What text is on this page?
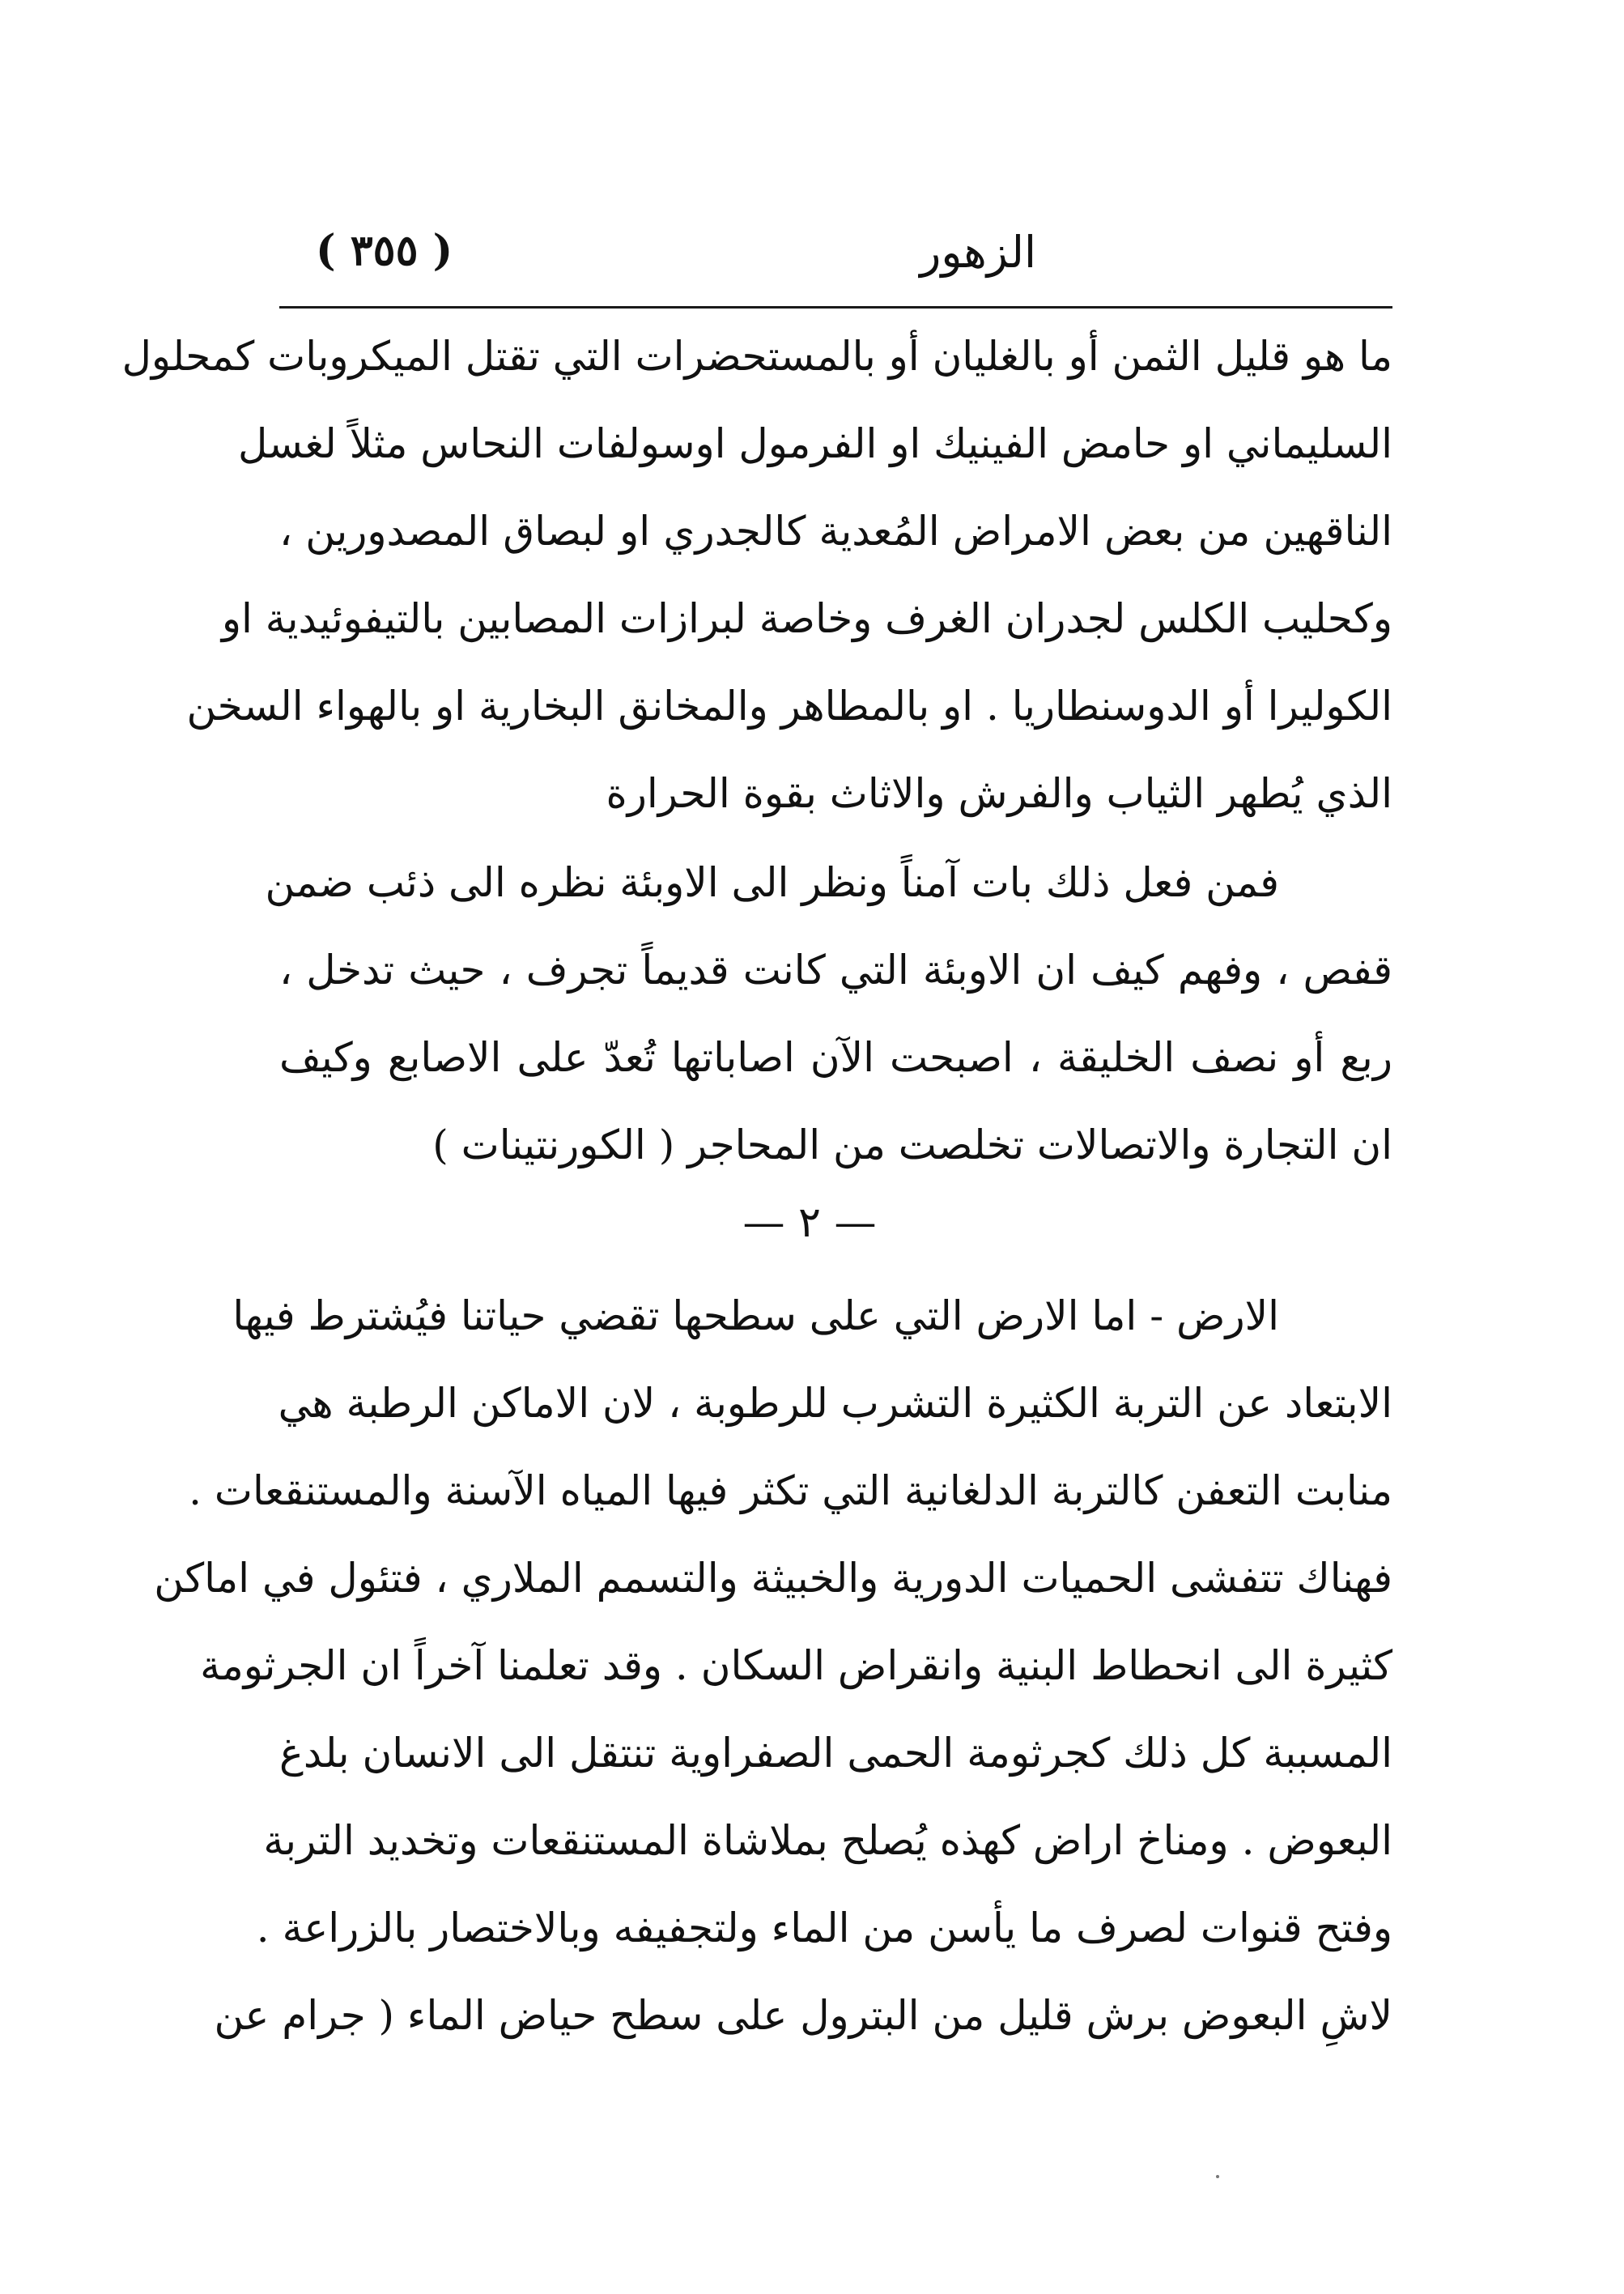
الزهور
( ٣٥٥ )
ما هو قليل الثمن أو بالغليان أو بالمستحضرات التي تقتل الميكروبات كمحلول
السليماني او حامض الفينيك او الفرمول اوسولفات النحاس مثلاً لغسل
الناقهين من بعض الامراض المُعدية كالجدري او لبصاق المصدورين ،
وكحليب الكلس لجدران الغرف وخاصة لبرازات المصابين بالتيفوئيدية او
الكوليرا أو الدوسنطاريا . او بالمطاهر والمخانق البخارية او بالهواء السخن
الذي يُطهر الثياب والفرش والاثاث بقوة الحرارة
فمن فعل ذلك بات آمناً ونظر الى الاوبئة نظره الى ذئب ضمن
قفص ، وفهم كيف ان الاوبئة التي كانت قديماً تجرف ، حيث تدخل ،
ربع أو نصف الخليقة ، اصبحت الآن اصاباتها تُعدّ على الاصابع وكيف
ان التجارة والاتصالات تخلصت من المحاجر ( الكورنتينات )
— ٢ —
الارض - اما الارض التي على سطحها تقضي حياتنا فيُشترط فيها
الابتعاد عن التربة الكثيرة التشرب للرطوبة ، لان الاماكن الرطبة هي
منابت التعفن كالتربة الدلغانية التي تكثر فيها المياه الآسنة والمستنقعات .
فهناك تتفشى الحميات الدورية والخبيثة والتسمم الملاري ، فتئول في اماكن
كثيرة الى انحطاط البنية وانقراض السكان . وقد تعلمنا آخراً ان الجرثومة
المسببة كل ذلك كجرثومة الحمى الصفراوية تنتقل الى الانسان بلدغ
البعوض . ومناخ اراض كهذه يُصلح بملاشاة المستنقعات وتخديد التربة
وفتح قنوات لصرف ما يأسن من الماء ولتجفيفه وبالاختصار بالزراعة .
لاشِ البعوض برش قليل من البترول على سطح حياض الماء ( جرام عن
